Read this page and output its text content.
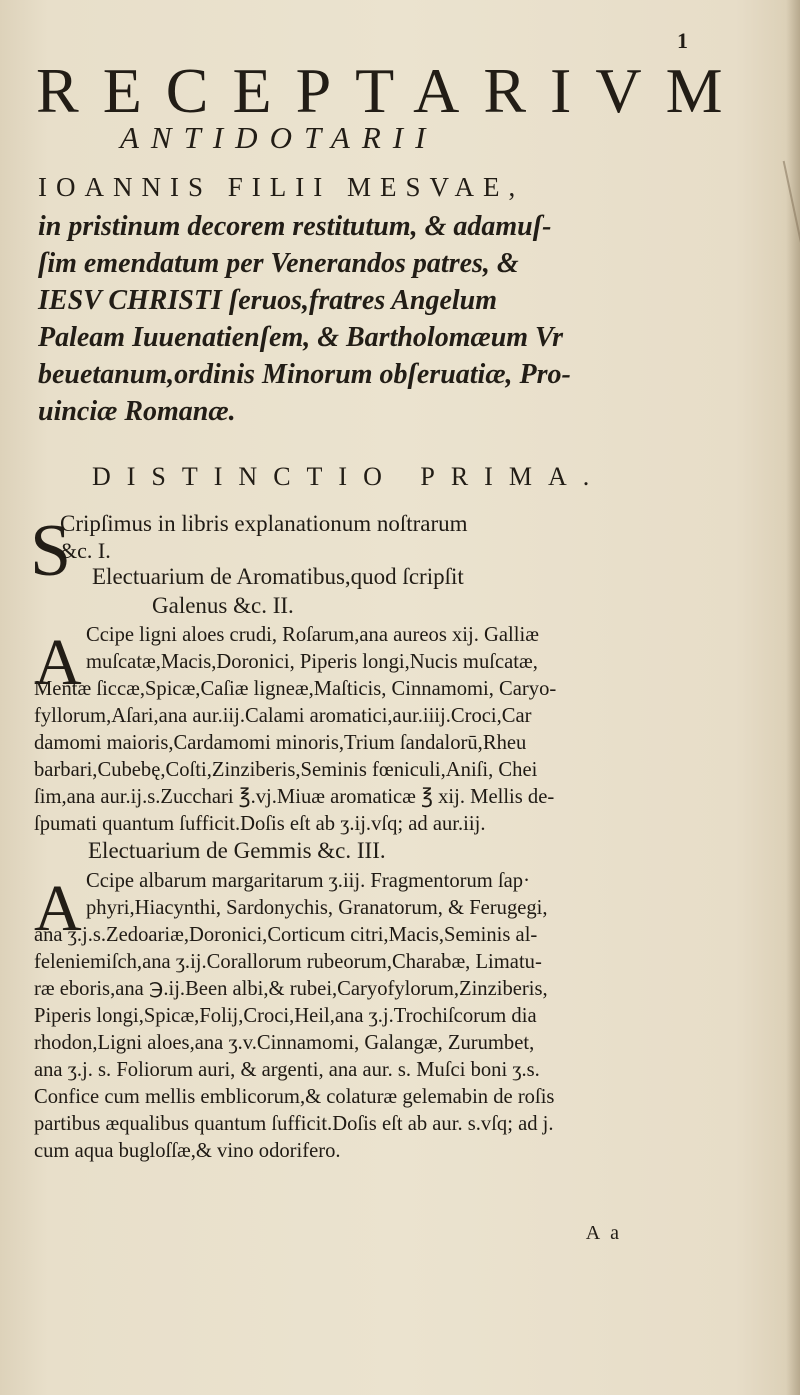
1
RECEPTARIVM
ANTIDOTARII
IOANNIS FILII MESVAE,
in pristinum decorem restitutum, & adamuſ-
ſim emendatum per Venerandos patres, &
IESV CHRISTI ſeruos,fratres Angelum
Paleam Iuuenatienſem, & Bartholomæum Vr
beuetanum,ordinis Minorum obſeruatiæ, Pro-
uinciæ Romanæ.
DISTINCTIO PRIMA.
S
Cripſimus in libris explanationum noſtrarum
&c. I.
Electuarium de Aromatibus,quod ſcripſit
Galenus &c. II.
A Ccipe ligni aloes crudi, Roſarum,ana aureos xij. Galliæ
muſcatæ,Macis,Doronici, Piperis longi,Nucis muſcatæ,
Mentæ ſiccæ,Spicæ,Caſiæ ligneæ,Maſticis, Cinnamomi, Caryo-
fyllorum,Aſari,ana aur.iij.Calami aromatici,aur.iiij.Croci,Car
damomi maioris,Cardamomi minoris,Trium ſandalorū,Rheu
barbari,Cubebę,Coſti,Zinziberis,Seminis fœniculi,Aniſi, Chei
ſim,ana aur.ij.s.Zucchari ℥.vj.Miuæ aromaticæ ℥ xij. Mellis de-
ſpumati quantum ſufficit.Doſis eſt ab ʒ.ij.vſq; ad aur.iij.
Electuarium de Gemmis &c. III.
A Ccipe albarum margaritarum ʒ.iij. Fragmentorum ſap·
phyri,Hiacynthi, Sardonychis, Granatorum, & Ferugegi,
ana ʒ.j.s.Zedoariæ,Doronici,Corticum citri,Macis,Seminis al-
feleniemiſch,ana ʒ.ij.Corallorum rubeorum,Charabæ, Limatu-
ræ eboris,ana ℈.ij.Been albi,& rubei,Caryofylorum,Zinziberis,
Piperis longi,Spicæ,Folij,Croci,Heil,ana ʒ.j.Trochiſcorum dia
rhodon,Ligni aloes,ana ʒ.v.Cinnamomi, Galangæ, Zurumbet,
ana ʒ.j. s. Foliorum auri, & argenti, ana aur. s. Muſci boni ʒ.s.
Confice cum mellis emblicorum,& colaturæ gelemabin de roſis
partibus æqualibus quantum ſufficit.Doſis eſt ab aur. s.vſq; ad j.
cum aqua bugloſſæ,& vino odorifero.
A a
